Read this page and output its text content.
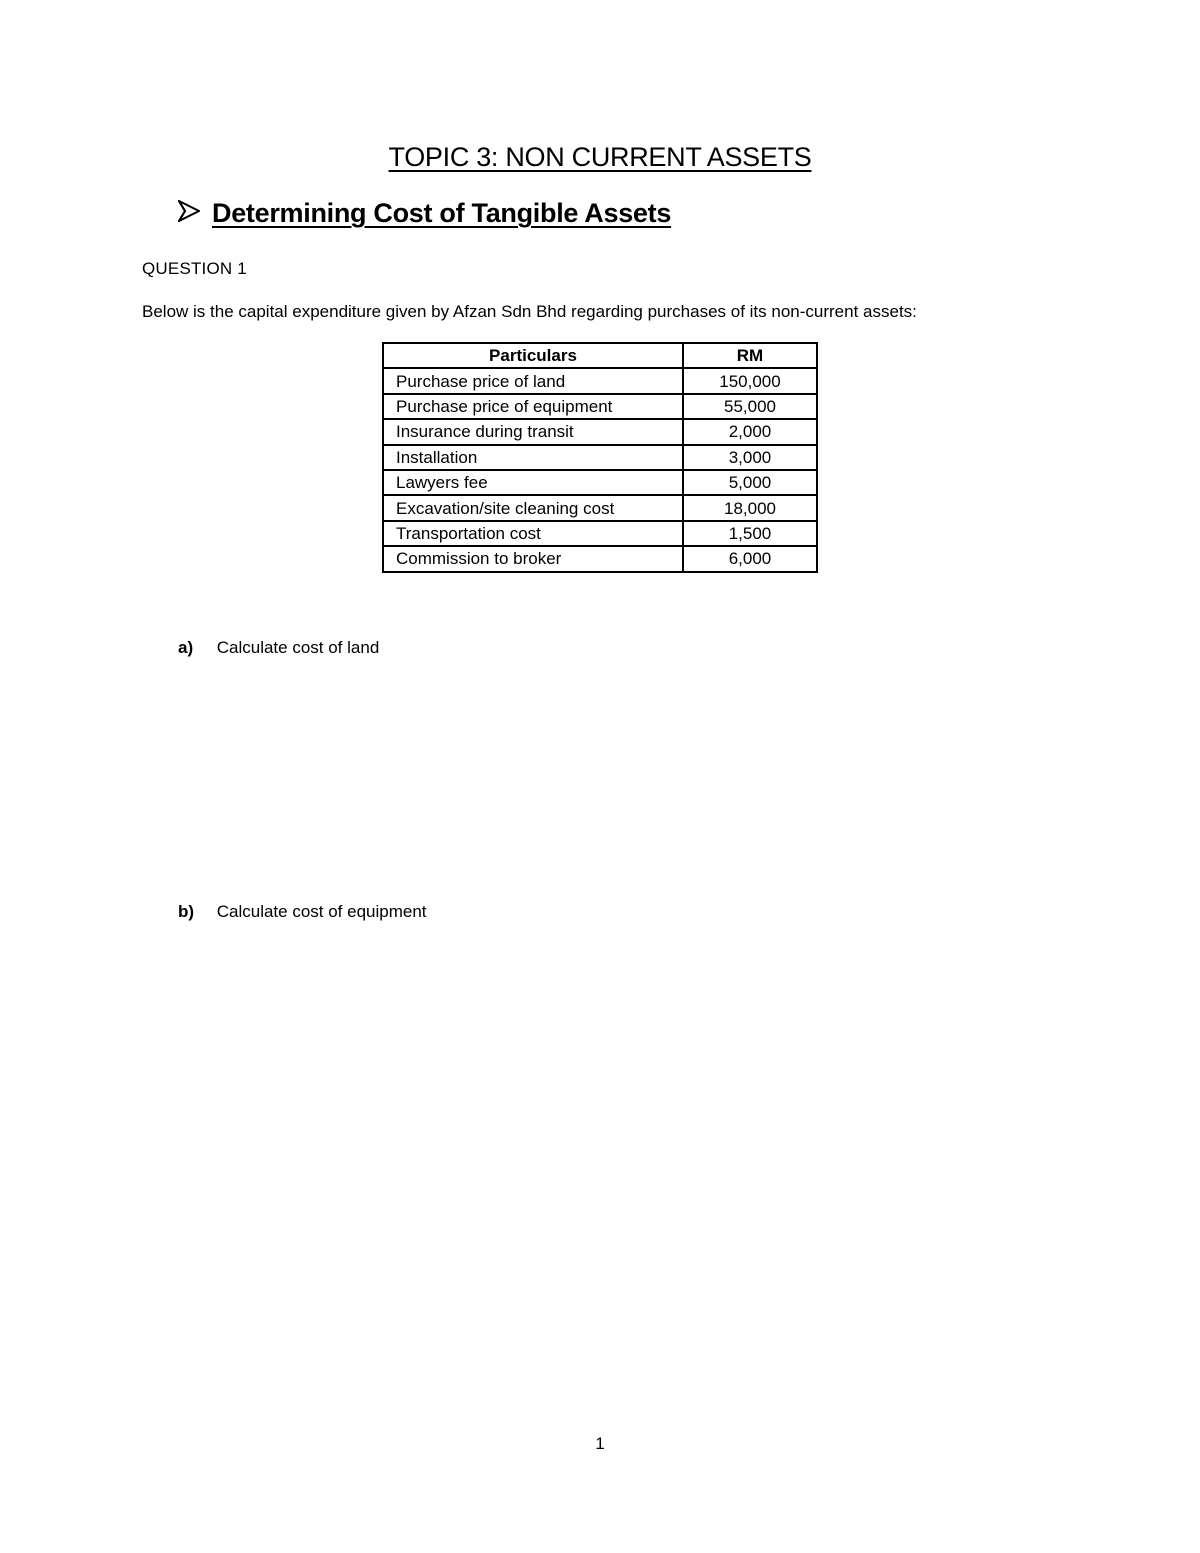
TOPIC 3: NON CURRENT ASSETS
Determining Cost of Tangible Assets
QUESTION 1
Below is the capital expenditure given by Afzan Sdn Bhd regarding purchases of its non-current assets:
Particulars	RM
Purchase price of land	150,000
Purchase price of equipment	55,000
Insurance during transit	2,000
Installation	3,000
Lawyers fee	5,000
Excavation/site cleaning cost	18,000
Transportation cost	1,500
Commission to broker	6,000
a) Calculate cost of land
b) Calculate cost of equipment
1
